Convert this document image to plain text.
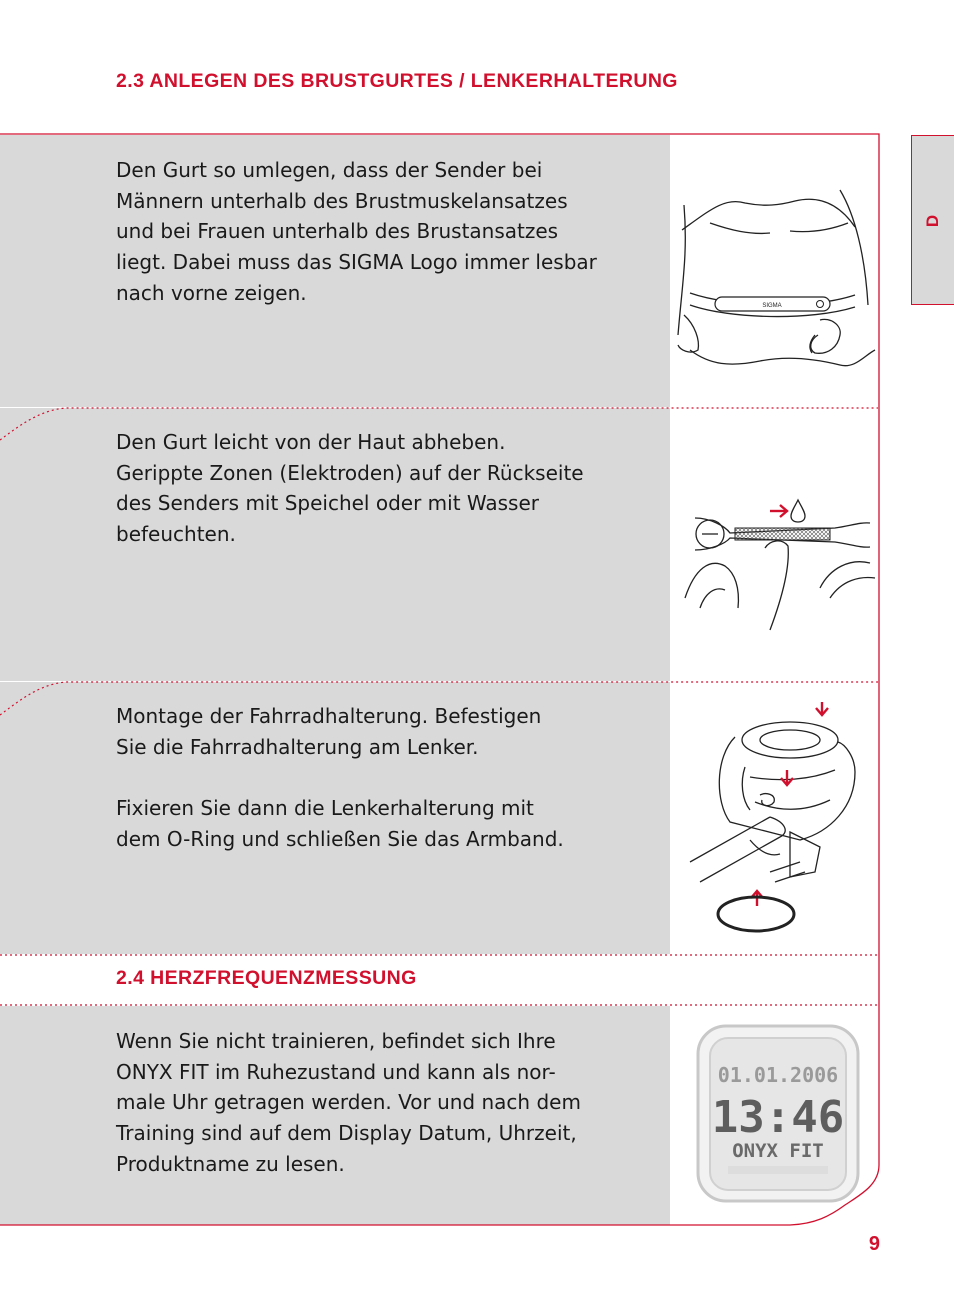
2.3 ANLEGEN DES BRUSTGURTES / LENKERHALTERUNG
Den Gurt so umlegen, dass der Sender bei
Männern unterhalb des Brustmuskelansatzes
und bei Frauen unterhalb des Brustansatzes
liegt. Dabei muss das SIGMA Logo immer lesbar
nach vorne zeigen.
Den Gurt leicht von der Haut abheben.
Gerippte Zonen (Elektroden) auf der Rückseite
des Senders mit Speichel oder mit Wasser
befeuchten.
Montage der Fahrradhalterung. Befestigen
Sie die Fahrradhalterung am Lenker.

Fixieren Sie dann die Lenkerhalterung mit
dem O-Ring und schließen Sie das Armband.
2.4 HERZFREQUENZMESSUNG
Wenn Sie nicht trainieren, befindet sich Ihre
ONYX FIT im Ruhezustand und kann als nor-
male Uhr getragen werden. Vor und nach dem
Training sind auf dem Display Datum, Uhrzeit,
Produktname zu lesen.
SIGMA
01.01.2006
13:46
ONYX FIT
D
9
